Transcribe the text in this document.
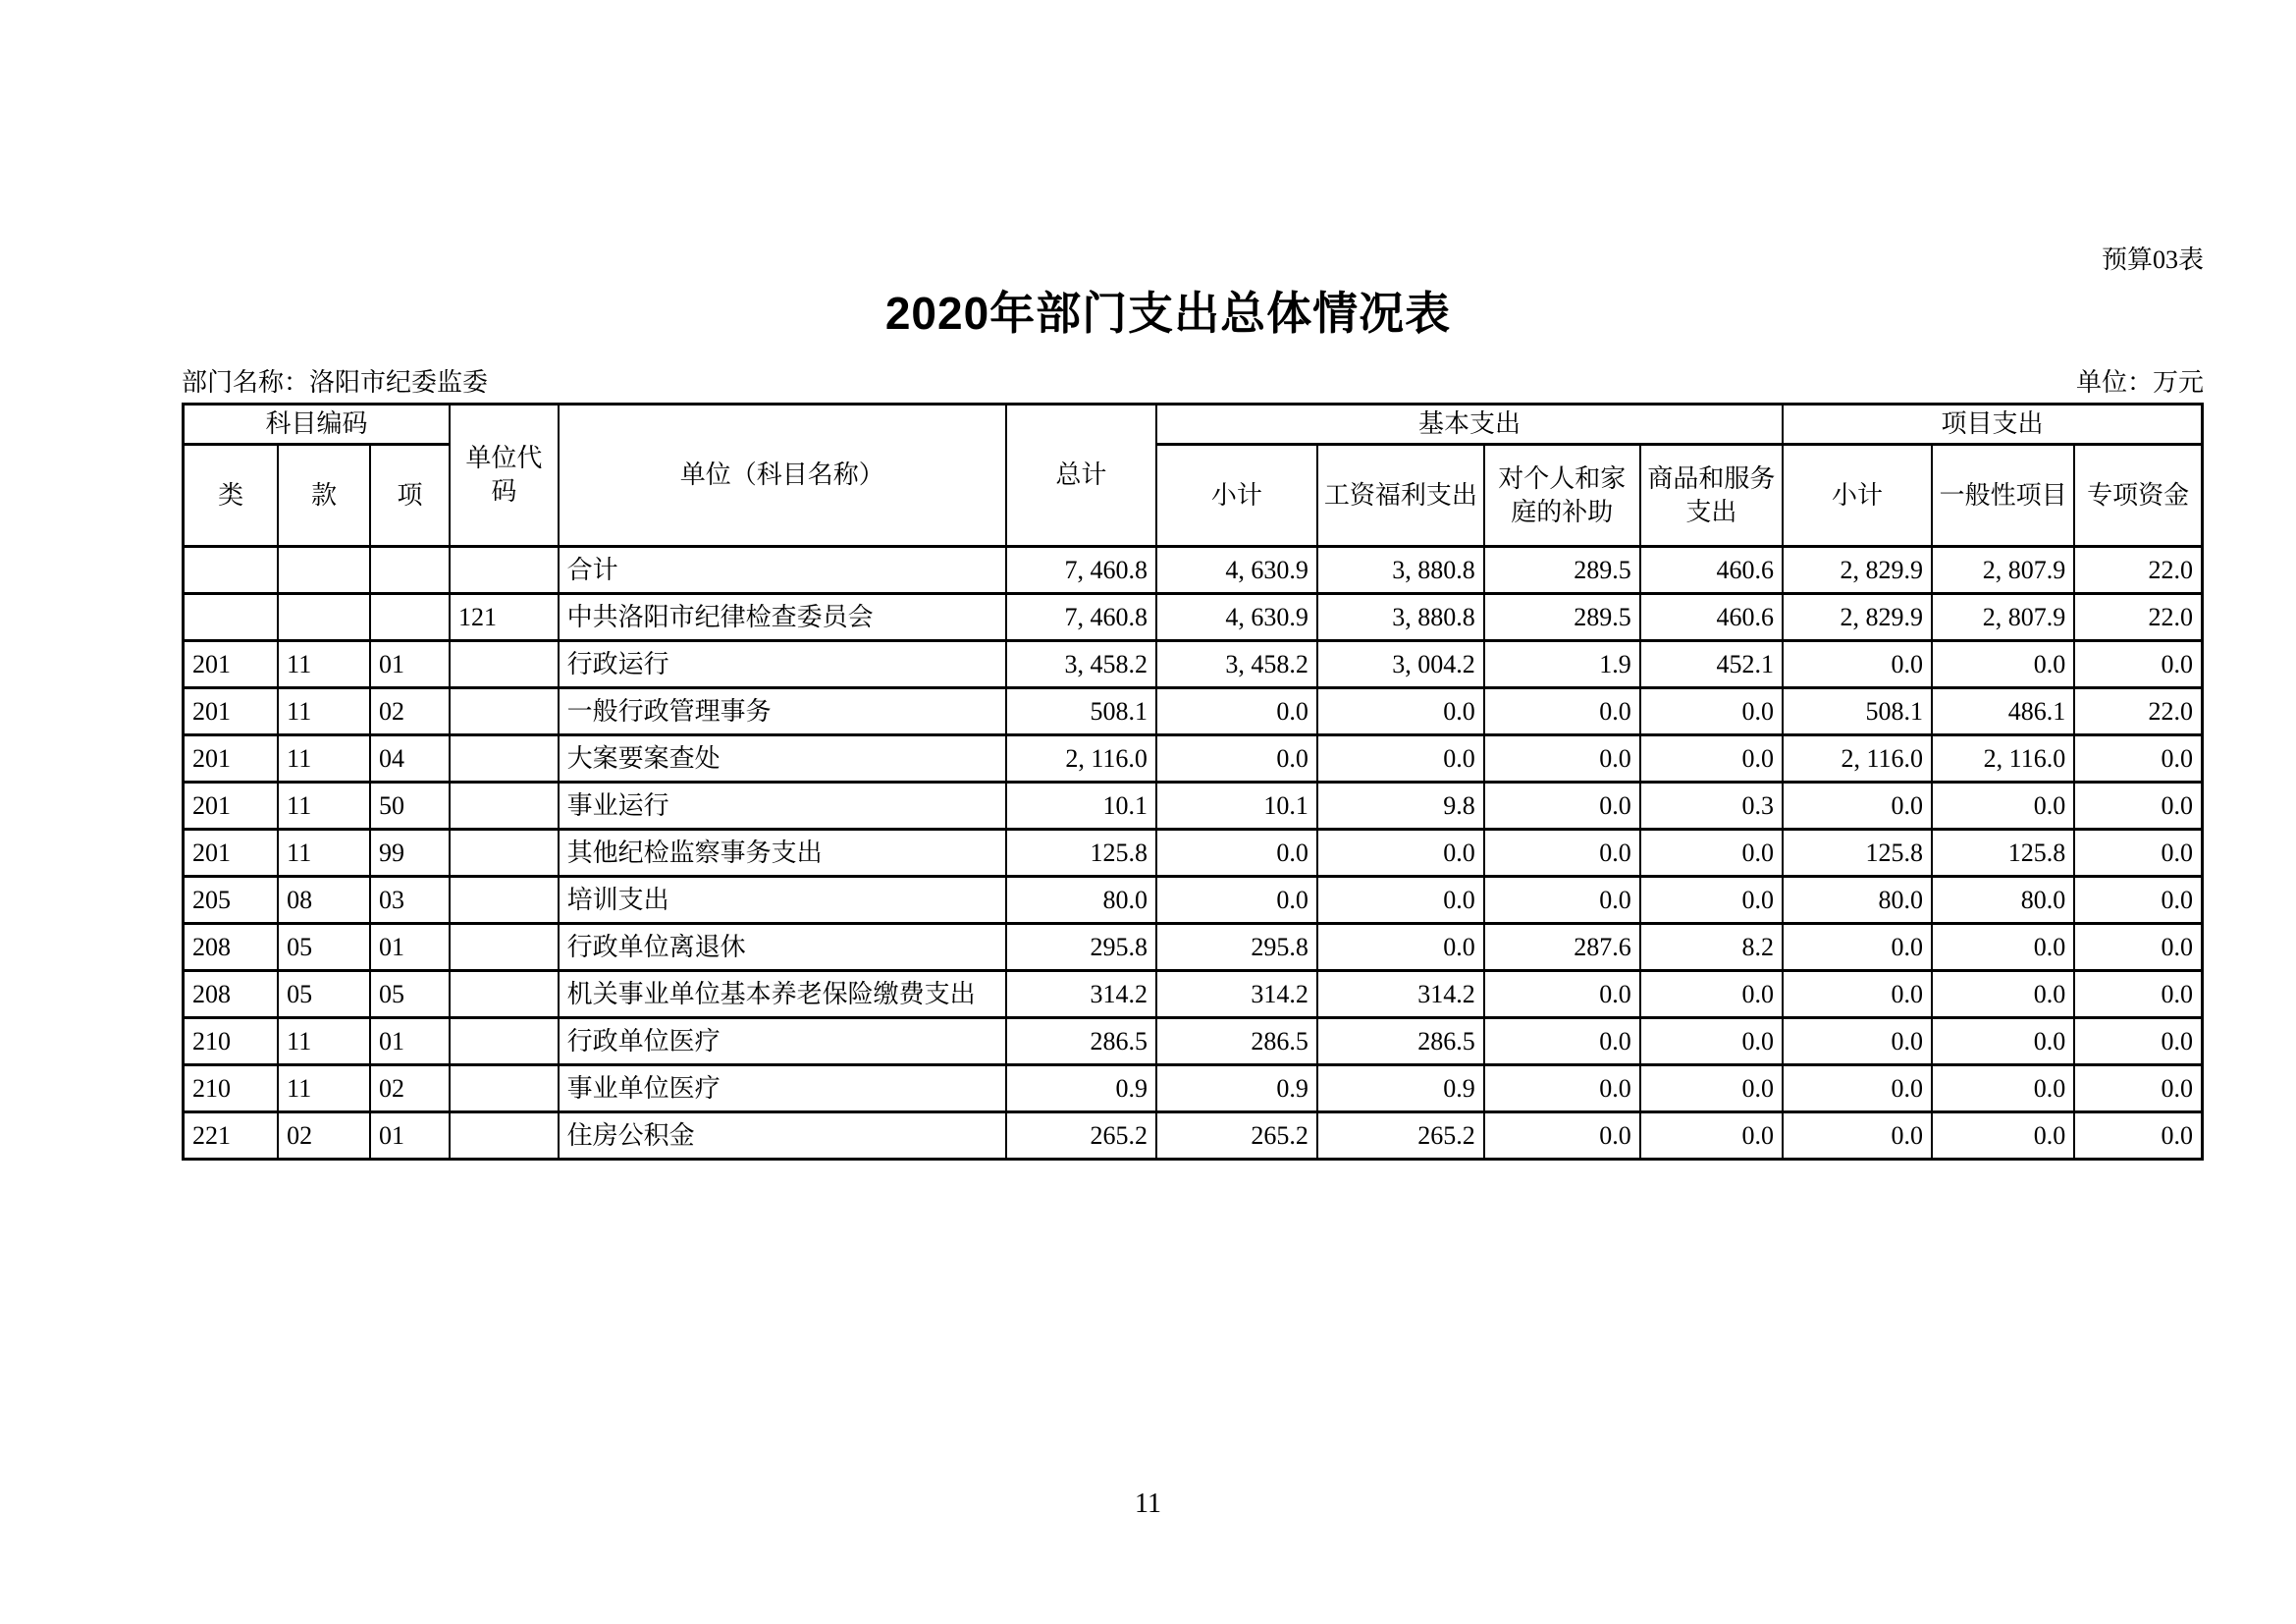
预算03表
2020年部门支出总体情况表
部门名称：洛阳市纪委监委	单位：万元
科目编码			单位代码	单位（科目名称）	总计	基本支出				项目支出		
类	款	项				小计	工资福利支出	对个人和家庭的补助	商品和服务支出	小计	一般性项目	专项资金
				合计	7, 460.8	4, 630.9	3, 880.8	289.5	460.6	2, 829.9	2, 807.9	22.0
			121	中共洛阳市纪律检查委员会	7, 460.8	4, 630.9	3, 880.8	289.5	460.6	2, 829.9	2, 807.9	22.0
201	11	01		行政运行	3, 458.2	3, 458.2	3, 004.2	1.9	452.1	0.0	0.0	0.0
201	11	02		一般行政管理事务	508.1	0.0	0.0	0.0	0.0	508.1	486.1	22.0
201	11	04		大案要案查处	2, 116.0	0.0	0.0	0.0	0.0	2, 116.0	2, 116.0	0.0
201	11	50		事业运行	10.1	10.1	9.8	0.0	0.3	0.0	0.0	0.0
201	11	99		其他纪检监察事务支出	125.8	0.0	0.0	0.0	0.0	125.8	125.8	0.0
205	08	03		培训支出	80.0	0.0	0.0	0.0	0.0	80.0	80.0	0.0
208	05	01		行政单位离退休	295.8	295.8	0.0	287.6	8.2	0.0	0.0	0.0
208	05	05		机关事业单位基本养老保险缴费支出	314.2	314.2	314.2	0.0	0.0	0.0	0.0	0.0
210	11	01		行政单位医疗	286.5	286.5	286.5	0.0	0.0	0.0	0.0	0.0
210	11	02		事业单位医疗	0.9	0.9	0.9	0.0	0.0	0.0	0.0	0.0
221	02	01		住房公积金	265.2	265.2	265.2	0.0	0.0	0.0	0.0	0.0
11
